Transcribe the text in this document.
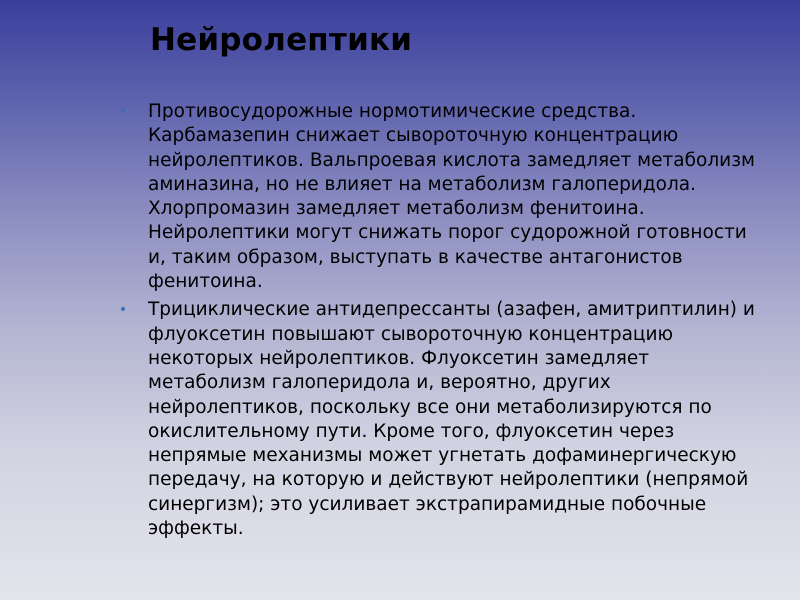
Нейролептики
• Противосудорожные нормотимические средства. Карбамазепин снижает сывороточную концентрацию нейролептиков. Вальпроевая кислота замедляет метаболизм аминазина, но не влияет на метаболизм галоперидола. Хлорпромазин замедляет метаболизм фенитоина. Нейролептики могут снижать порог судорожной готовности и, таким образом, выступать в качестве антагонистов фенитоина.
• Трициклические антидепрессанты (азафен, амитриптилин) и флуоксетин повышают сывороточную концентрацию некоторых нейролептиков. Флуоксетин замедляет метаболизм галоперидола и, вероятно, других нейролептиков, поскольку все они метаболизируются по окислительному пути. Кроме того, флуоксетин через непрямые механизмы может угнетать дофаминергическую передачу, на которую и действуют нейролептики (непрямой синергизм); это усиливает экстрапирамидные побочные эффекты.
